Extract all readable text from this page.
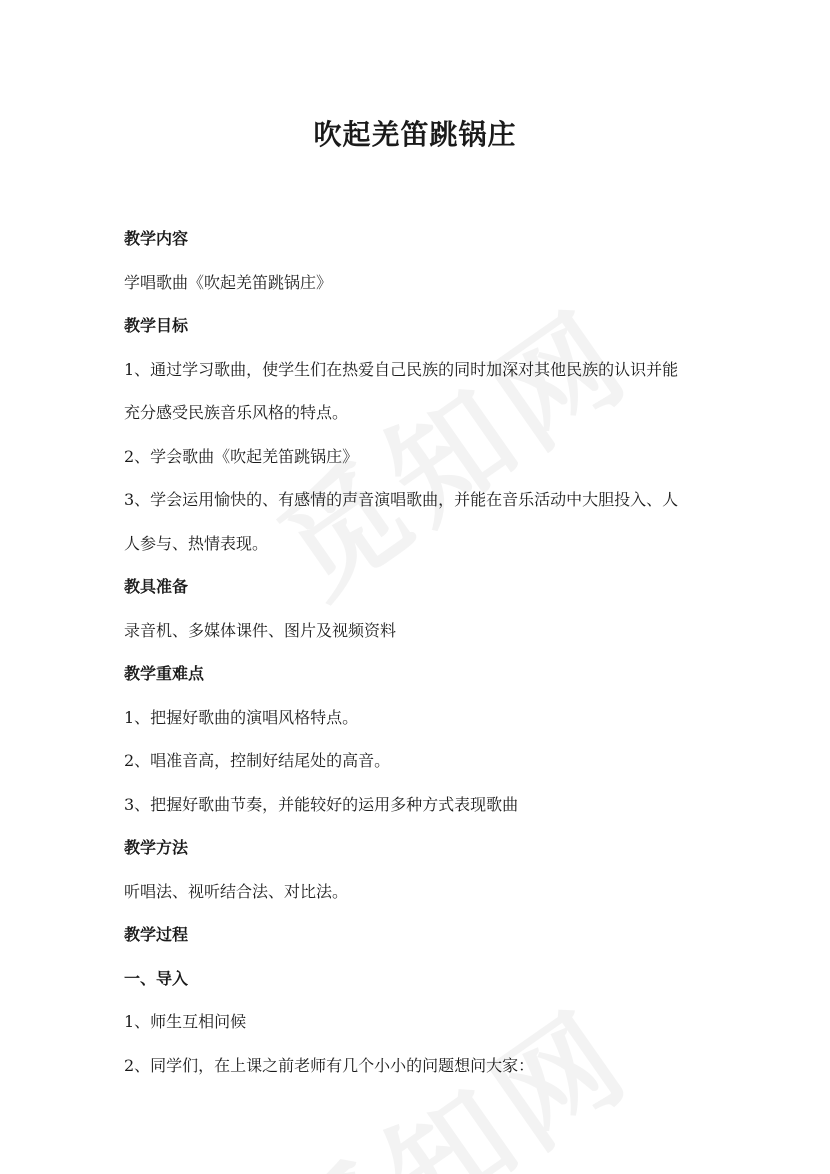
吹起羌笛跳锅庄

教学内容

学唱歌曲《吹起羌笛跳锅庄》

教学目标

1、通过学习歌曲，使学生们在热爱自己民族的同时加深对其他民族的认识并能

充分感受民族音乐风格的特点。

2、学会歌曲《吹起羌笛跳锅庄》

3、学会运用愉快的、有感情的声音演唱歌曲，并能在音乐活动中大胆投入、人

人参与、热情表现。

教具准备

录音机、多媒体课件、图片及视频资料

教学重难点

1、把握好歌曲的演唱风格特点。

2、唱准音高，控制好结尾处的高音。

3、把握好歌曲节奏，并能较好的运用多种方式表现歌曲

教学方法

听唱法、视听结合法、对比法。

教学过程

一、导入

1、师生互相问候

2、同学们，在上课之前老师有几个小小的问题想问大家：
